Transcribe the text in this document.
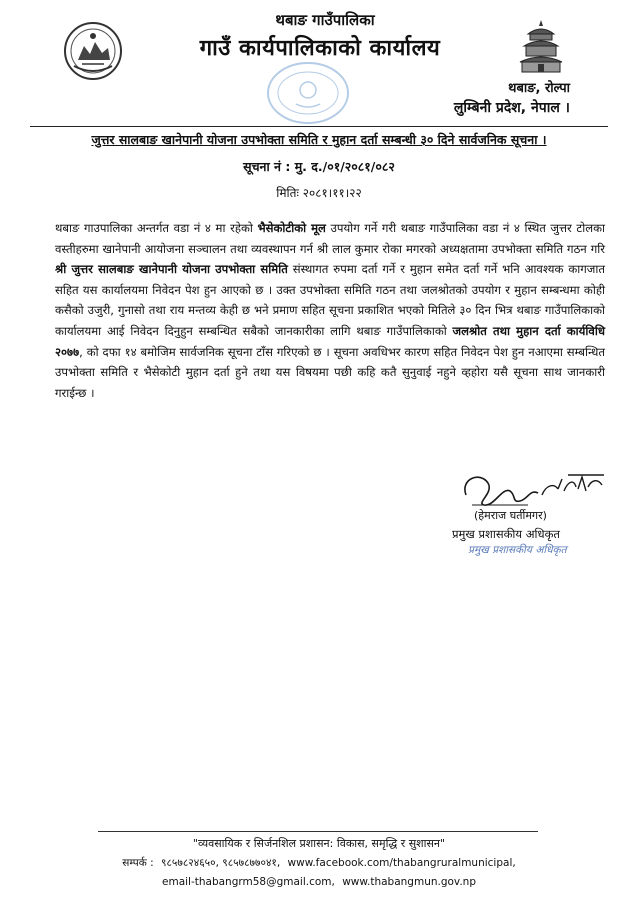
थबाङ गाउँपालिका
गाउँ कार्यपालिकाको कार्यालय
थबाङ, रोल्पा
लुम्बिनी प्रदेश, नेपाल ।
जुत्तर सालबाङ खानेपानी योजना उपभोक्ता समिति र मुहान दर्ता सम्बन्धी ३० दिने सार्वजनिक सूचना ।
सूचना नं : मु. द./०१/२०८१/०८२
मितिः २०८१।११।२२
थबाङ गाउपालिका अन्तर्गत वडा नं ४ मा रहेको भैसेकोटीको मूल उपयोग गर्ने गरी थबाङ गाउँपालिका वडा नं ४ स्थित जुत्तर टोलका वस्तीहरुमा खानेपानी आयोजना सञ्चालन तथा व्यवस्थापन गर्न श्री लाल कुमार रोका मगरको अध्यक्षतामा उपभोक्ता समिति गठन गरि श्री जुत्तर सालबाङ खानेपानी योजना उपभोक्ता समिति संस्थागत रुपमा दर्ता गर्ने र मुहान समेत दर्ता गर्ने भनि आवश्यक कागजात सहित यस कार्यालयमा निवेदन पेश हुन आएको छ । उक्त उपभोक्ता समिति गठन तथा जलश्रोतको उपयोग र मुहान सम्बन्धमा कोही कसैको उजुरी, गुनासो तथा राय मन्तव्य केही छ भने प्रमाण सहित सूचना प्रकाशित भएको मितिले ३० दिन भित्र थबाङ गाउँपालिकाको कार्यालयमा आई निवेदन दिनुहुन सम्बन्धित सबैको जानकारीका लागि थबाङ गाउँपालिकाको जलश्रोत तथा मुहान दर्ता कार्यविधि २०७७, को दफा १४ बमोजिम सार्वजनिक सूचना टाँस गरिएको छ । सूचना अवधिभर कारण सहित निवेदन पेश हुन नआएमा सम्बन्धित उपभोक्ता समिति र भैसेकोटी मुहान दर्ता हुने तथा यस विषयमा पछी कहि कतै सुनुवाई नहुने व्हहोरा यसै सूचना साथ जानकारी गराईन्छ ।
(हेमराज घर्तीमगर)
प्रमुख प्रशासकीय अधिकृत
प्रमुख प्रशासकीय अधिकृत
"व्यवसायिक र सिर्जनशिल प्रशासन: विकास, समृद्धि र सुशासन"
सम्पर्क : ९८५७८२४६५०, ९८५७८७७०४१, www.facebook.com/thabangruralmunicipal,
email-thabangrm58@gmail.com, www.thabangmun.gov.np
